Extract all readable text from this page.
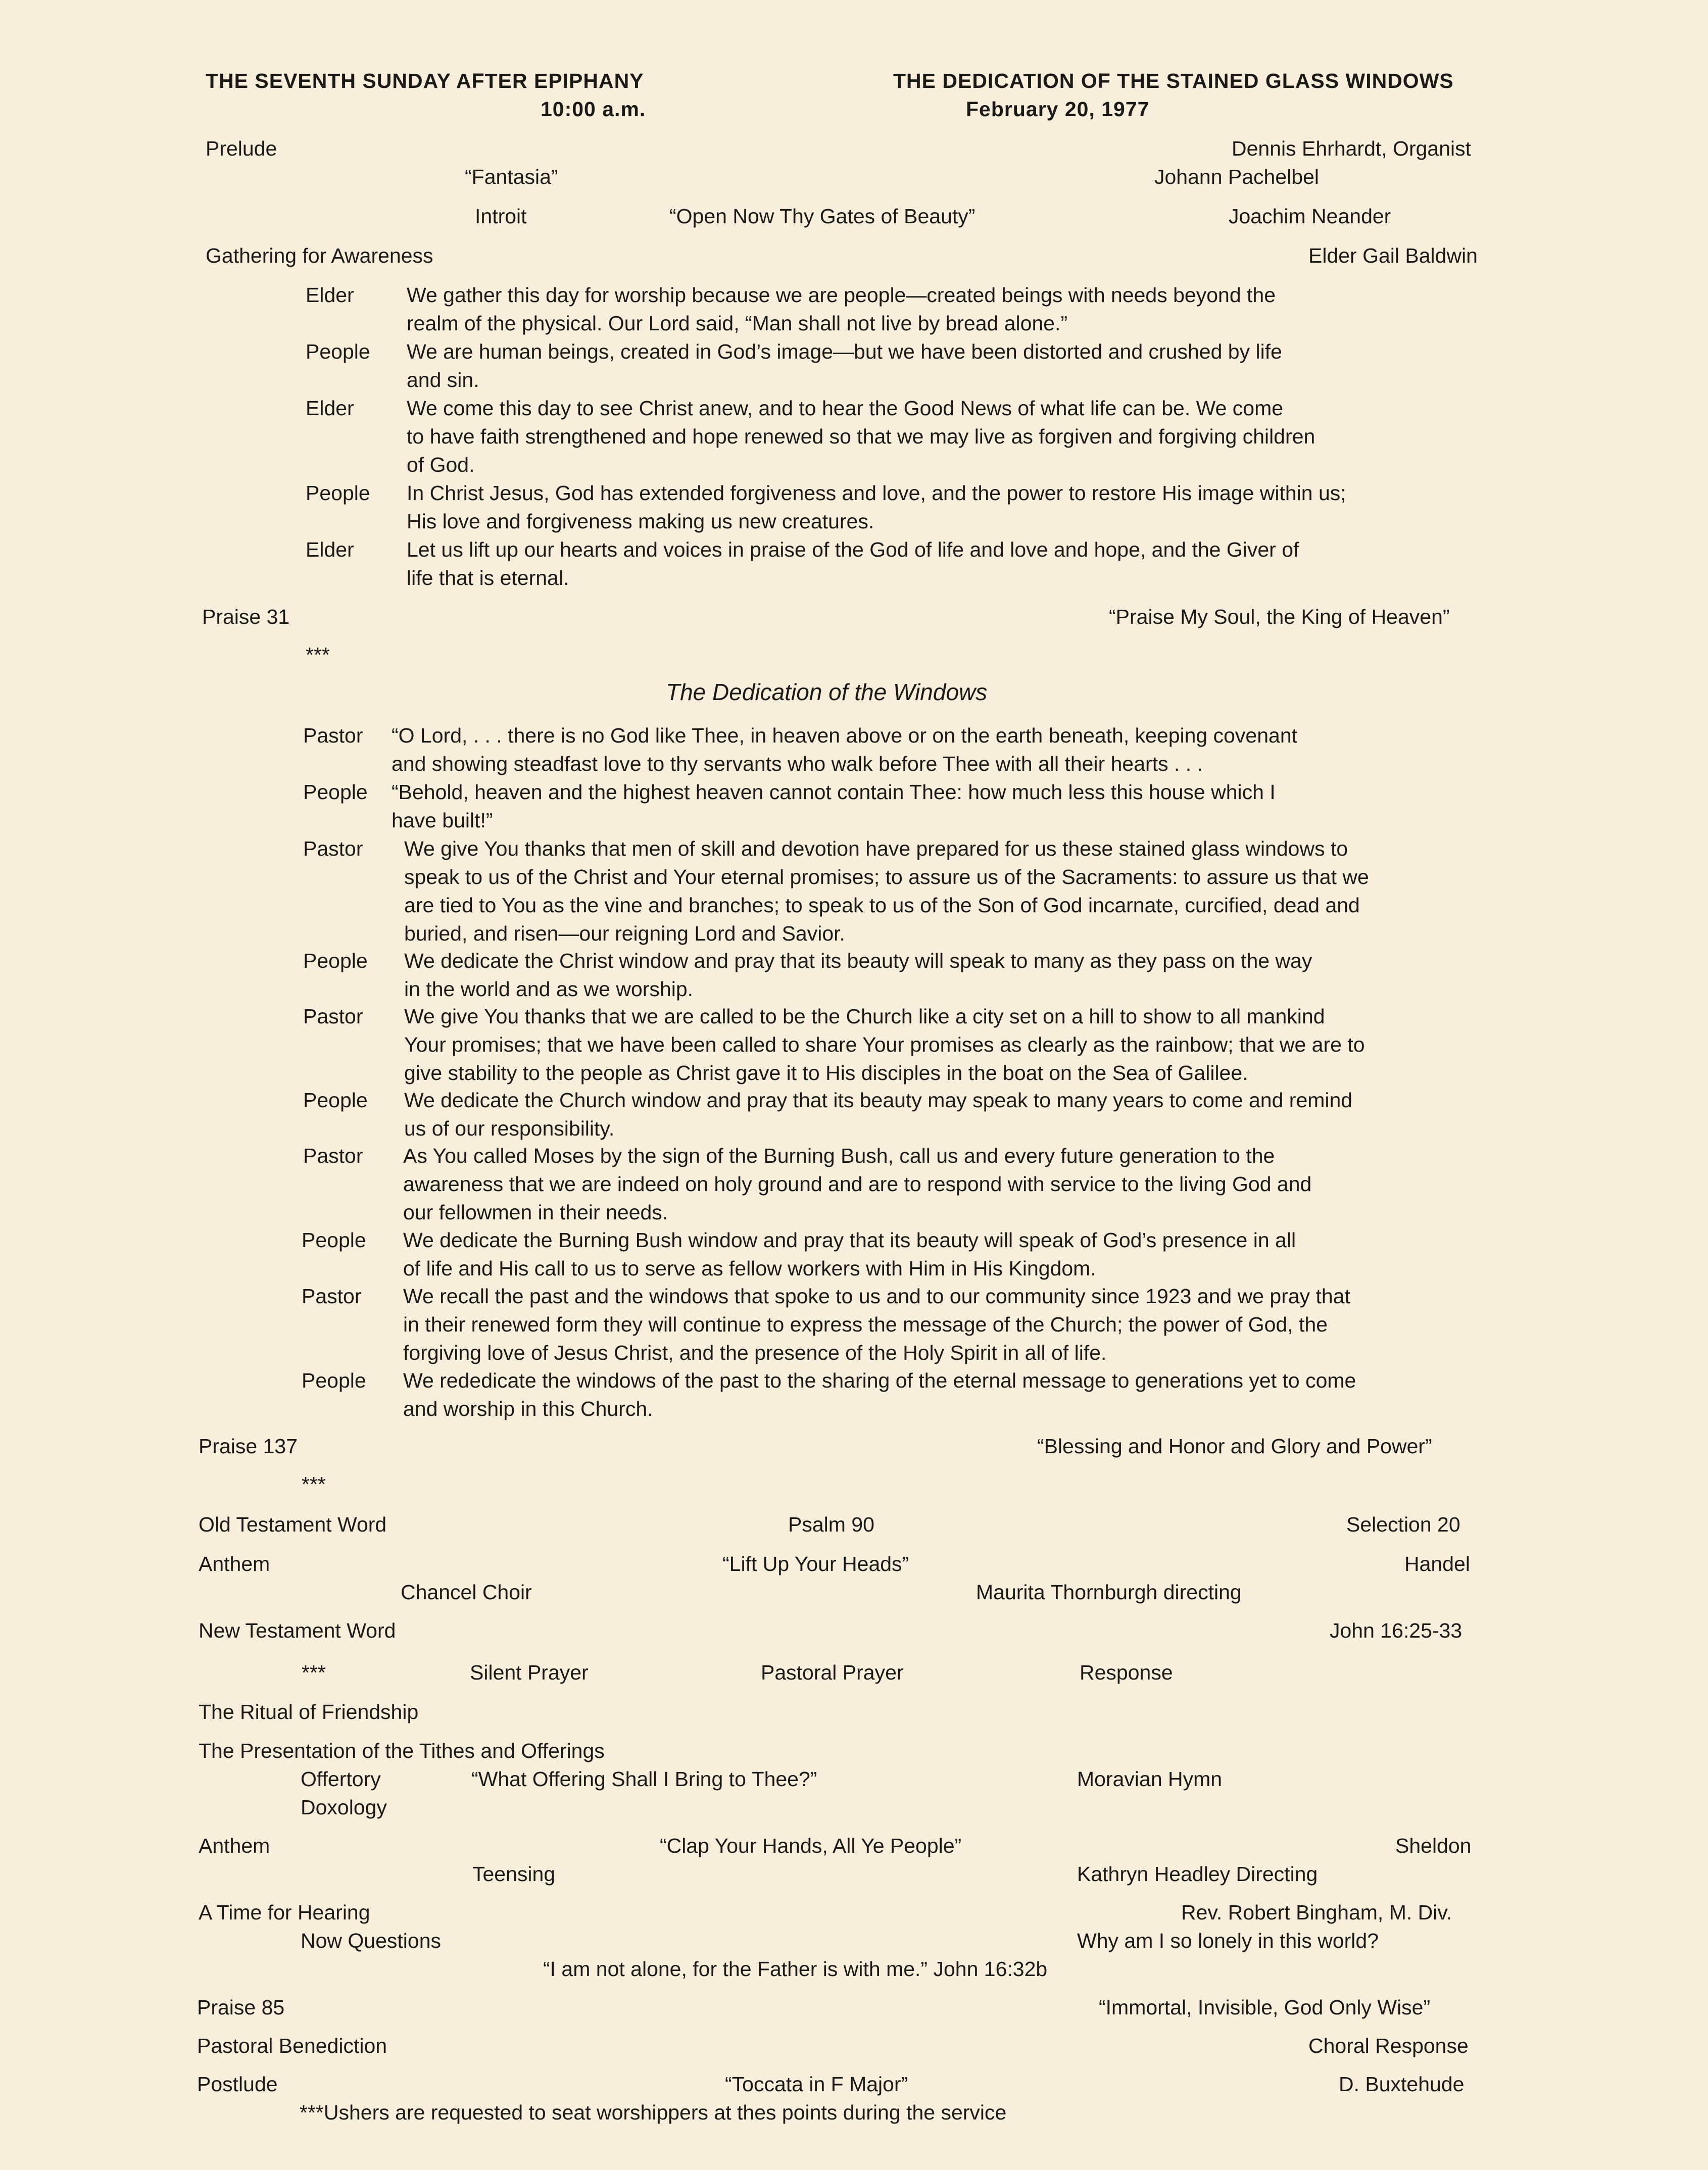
THE SEVENTH SUNDAY AFTER EPIPHANY
10:00 a.m.
THE DEDICATION OF THE STAINED GLASS WINDOWS
February 20, 1977
Prelude	Dennis Ehrhardt, Organist
“Fantasia”	Johann Pachelbel
Introit	“Open Now Thy Gates of Beauty”	Joachim Neander
Gathering for Awareness	Elder Gail Baldwin
Elder	We gather this day for worship because we are people—created beings with needs beyond the
realm of the physical. Our Lord said, “Man shall not live by bread alone.”
People We are human beings, created in God’s image—but we have been distorted and crushed by life
and sin.
Elder	We come this day to see Christ anew, and to hear the Good News of what life can be. We come
to have faith strengthened and hope renewed so that we may live as forgiven and forgiving children
of God.
People In Christ Jesus, God has extended forgiveness and love, and the power to restore His image within us;
His love and forgiveness making us new creatures.
Elder	Let us lift up our hearts and voices in praise of the God of life and love and hope, and the Giver of
life that is eternal.
Praise 31	“Praise My Soul, the King of Heaven”
***
The Dedication of the Windows
Pastor “O Lord, . . . there is no God like Thee, in heaven above or on the earth beneath, keeping covenant
and showing steadfast love to thy servants who walk before Thee with all their hearts . . .
People “Behold, heaven and the highest heaven cannot contain Thee: how much less this house which I
have built!”
Pastor We give You thanks that men of skill and devotion have prepared for us these stained glass windows to
speak to us of the Christ and Your eternal promises; to assure us of the Sacraments: to assure us that we
are tied to You as the vine and branches; to speak to us of the Son of God incarnate, curcified, dead and
buried, and risen—our reigning Lord and Savior.
People We dedicate the Christ window and pray that its beauty will speak to many as they pass on the way
in the world and as we worship.
Pastor We give You thanks that we are called to be the Church like a city set on a hill to show to all mankind
Your promises; that we have been called to share Your promises as clearly as the rainbow; that we are to
give stability to the people as Christ gave it to His disciples in the boat on the Sea of Galilee.
People We dedicate the Church window and pray that its beauty may speak to many years to come and remind
us of our responsibility.
Pastor As You called Moses by the sign of the Burning Bush, call us and every future generation to the
awareness that we are indeed on holy ground and are to respond with service to the living God and
our fellowmen in their needs.
People We dedicate the Burning Bush window and pray that its beauty will speak of God’s presence in all
of life and His call to us to serve as fellow workers with Him in His Kingdom.
Pastor We recall the past and the windows that spoke to us and to our community since 1923 and we pray that
in their renewed form they will continue to express the message of the Church; the power of God, the
forgiving love of Jesus Christ, and the presence of the Holy Spirit in all of life.
People We rededicate the windows of the past to the sharing of the eternal message to generations yet to come
and worship in this Church.
Praise 137	“Blessing and Honor and Glory and Power”
***
Old Testament Word	Psalm 90	Selection 20
Anthem	“Lift Up Your Heads”	Handel
Chancel Choir	Maurita Thornburgh directing
New Testament Word	John 16:25-33
***	Silent Prayer	Pastoral Prayer	Response
The Ritual of Friendship
The Presentation of the Tithes and Offerings
Offertory	“What Offering Shall I Bring to Thee?”	Moravian Hymn
Doxology
Anthem	“Clap Your Hands, All Ye People”	Sheldon
Teensing	Kathryn Headley Directing
A Time for Hearing	Rev. Robert Bingham, M. Div.
Now Questions	Why am I so lonely in this world?
“I am not alone, for the Father is with me.” John 16:32b
Praise 85	“Immortal, Invisible, God Only Wise”
Pastoral Benediction	Choral Response
Postlude	“Toccata in F Major”	D. Buxtehude
***Ushers are requested to seat worshippers at thes points during the service
